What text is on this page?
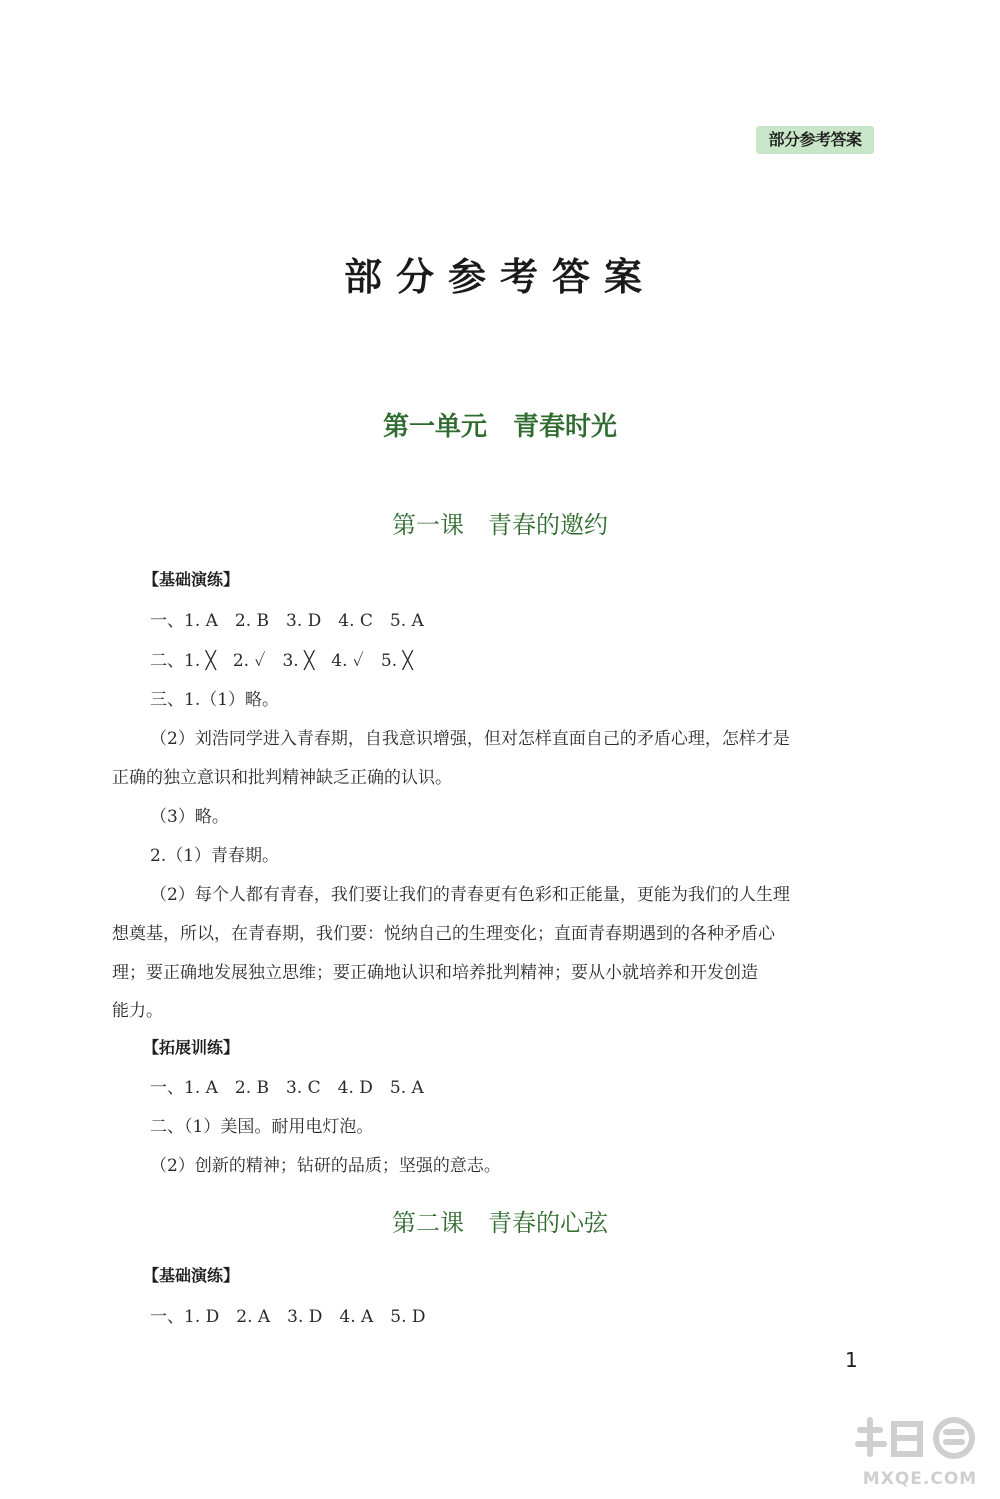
部分参考答案
部分参考答案
第一单元　青春时光
第一课　青春的邀约
【基础演练】
一、1. A　2. B　3. D　4. C　5. A
二、1. ╳　2. ✓　3. ╳　4. ✓　5. ╳
三、1.（1）略。
（2）刘浩同学进入青春期，自我意识增强，但对怎样直面自己的矛盾心理，怎样才是
正确的独立意识和批判精神缺乏正确的认识。
（3）略。
2.（1）青春期。
（2）每个人都有青春，我们要让我们的青春更有色彩和正能量，更能为我们的人生理
想奠基，所以，在青春期，我们要：悦纳自己的生理变化；直面青春期遇到的各种矛盾心
理；要正确地发展独立思维；要正确地认识和培养批判精神；要从小就培养和开发创造
能力。
【拓展训练】
一、1. A　2. B　3. C　4. D　5. A
二、（1）美国。耐用电灯泡。
（2）创新的精神；钻研的品质；坚强的意志。
第二课　青春的心弦
【基础演练】
一、1. D　2. A　3. D　4. A　5. D
1
MXQE.COM
